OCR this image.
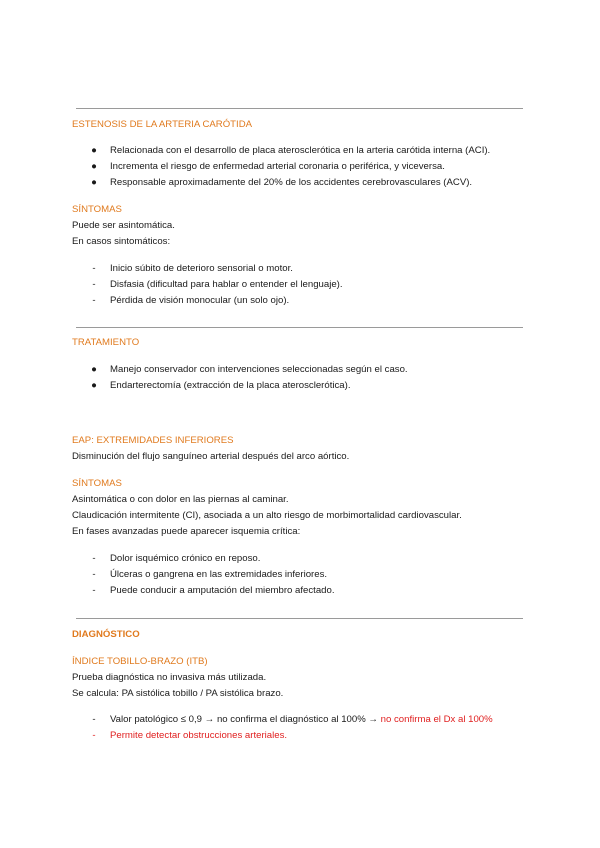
ESTENOSIS DE LA ARTERIA CARÓTIDA
● Relacionada con el desarrollo de placa aterosclerótica en la arteria carótida interna (ACI).
● Incrementa el riesgo de enfermedad arterial coronaria o periférica, y viceversa.
● Responsable aproximadamente del 20% de los accidentes cerebrovasculares (ACV).
SÍNTOMAS
Puede ser asintomática.
En casos sintomáticos:
-	Inicio súbito de deterioro sensorial o motor.
-	Disfasia (dificultad para hablar o entender el lenguaje).
-	Pérdida de visión monocular (un solo ojo).
TRATAMIENTO
● Manejo conservador con intervenciones seleccionadas según el caso.
● Endarterectomía (extracción de la placa aterosclerótica).
EAP: EXTREMIDADES INFERIORES
Disminución del flujo sanguíneo arterial después del arco aórtico.
SÍNTOMAS
Asintomática o con dolor en las piernas al caminar.
Claudicación intermitente (CI), asociada a un alto riesgo de morbimortalidad cardiovascular.
En fases avanzadas puede aparecer isquemia crítica:
-	Dolor isquémico crónico en reposo.
-	Úlceras o gangrena en las extremidades inferiores.
-	Puede conducir a amputación del miembro afectado.
DIAGNÓSTICO
ÍNDICE TOBILLO-BRAZO (ITB)
Prueba diagnóstica no invasiva más utilizada.
Se calcula: PA sistólica tobillo / PA sistólica brazo.
-	Valor patológico ≤ 0,9 → no confirma el diagnóstico al 100% → no confirma el Dx al 100%
-	Permite detectar obstrucciones arteriales.
